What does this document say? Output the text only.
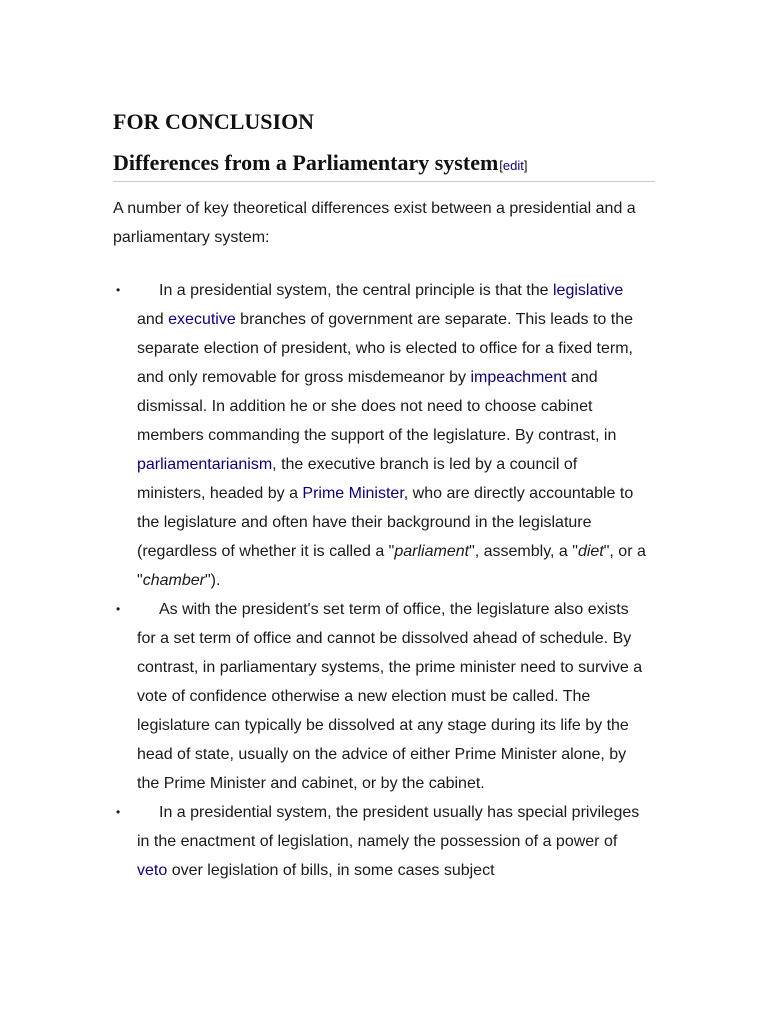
FOR CONCLUSION
Differences from a Parliamentary system [edit]

A number of key theoretical differences exist between a presidential and a parliamentary system:

• In a presidential system, the central principle is that the legislative and executive branches of government are separate. This leads to the separate election of president, who is elected to office for a fixed term, and only removable for gross misdemeanor by impeachment and dismissal. In addition he or she does not need to choose cabinet members commanding the support of the legislature. By contrast, in parliamentarianism, the executive branch is led by a council of ministers, headed by a Prime Minister, who are directly accountable to the legislature and often have their background in the legislature (regardless of whether it is called a "parliament", assembly, a "diet", or a "chamber").
• As with the president's set term of office, the legislature also exists for a set term of office and cannot be dissolved ahead of schedule. By contrast, in parliamentary systems, the prime minister need to survive a vote of confidence otherwise a new election must be called. The legislature can typically be dissolved at any stage during its life by the head of state, usually on the advice of either Prime Minister alone, by the Prime Minister and cabinet, or by the cabinet.
• In a presidential system, the president usually has special privileges in the enactment of legislation, namely the possession of a power of veto over legislation of bills, in some cases subject
